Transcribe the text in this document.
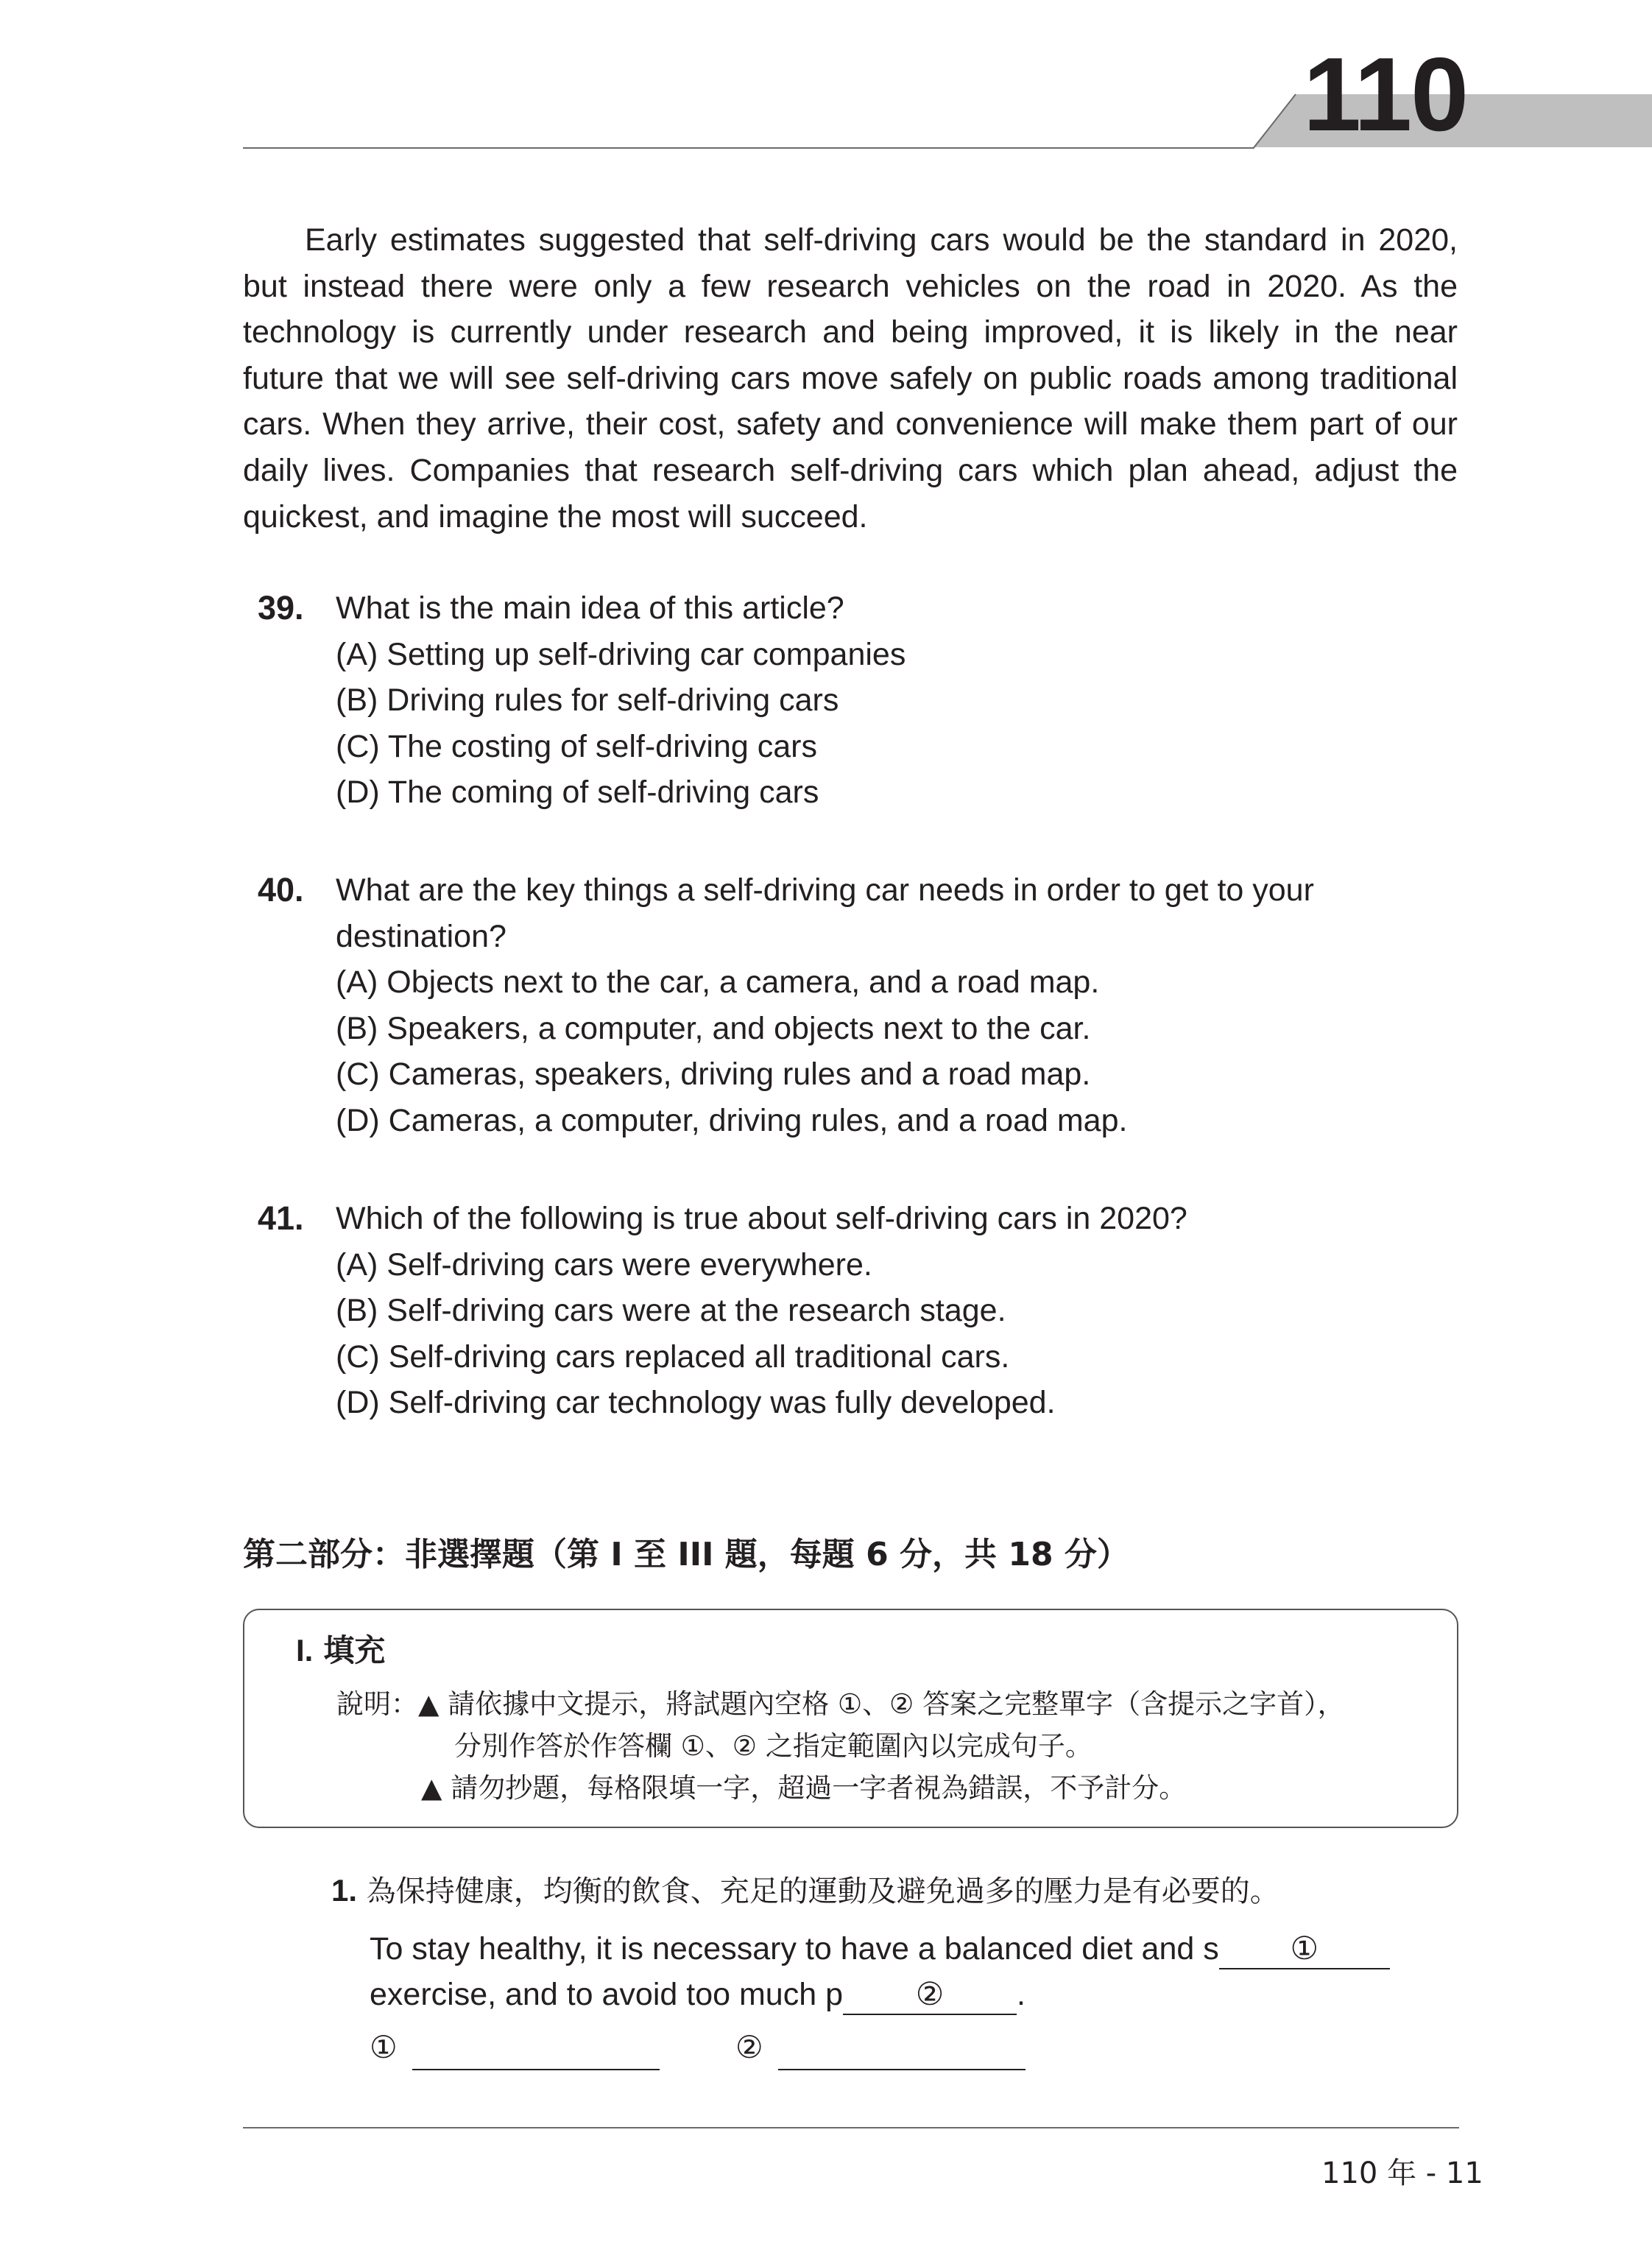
110

Early estimates suggested that self-driving cars would be the standard in 2020, but instead there were only a few research vehicles on the road in 2020. As the technology is currently under research and being improved, it is likely in the near future that we will see self-driving cars move safely on public roads among traditional cars. When they arrive, their cost, safety and convenience will make them part of our daily lives. Companies that research self-driving cars which plan ahead, adjust the quickest, and imagine the most will succeed.

39. What is the main idea of this article?
(A) Setting up self-driving car companies
(B) Driving rules for self-driving cars
(C) The costing of self-driving cars
(D) The coming of self-driving cars
40. What are the key things a self-driving car needs in order to get to your destination?
(A) Objects next to the car, a camera, and a road map.
(B) Speakers, a computer, and objects next to the car.
(C) Cameras, speakers, driving rules and a road map.
(D) Cameras, a computer, driving rules, and a road map.
41. Which of the following is true about self-driving cars in 2020?
(A) Self-driving cars were everywhere.
(B) Self-driving cars were at the research stage.
(C) Self-driving cars replaced all traditional cars.
(D) Self-driving car technology was fully developed.
第二部分：非選擇題（第 I 至 III 題，每題 6 分，共 18 分）
I. 填充
說明：▲ 請依據中文提示，將試題內空格 ①、② 答案之完整單字（含提示之字首），
分別作答於作答欄 ①、② 之指定範圍內以完成句子。
▲ 請勿抄題，每格限填一字，超過一字者視為錯誤，不予計分。
1. 為保持健康，均衡的飲食、充足的運動及避免過多的壓力是有必要的。
To stay healthy, it is necessary to have a balanced diet and s ①
exercise, and to avoid too much p ② .
①	②
110 年 - 11
